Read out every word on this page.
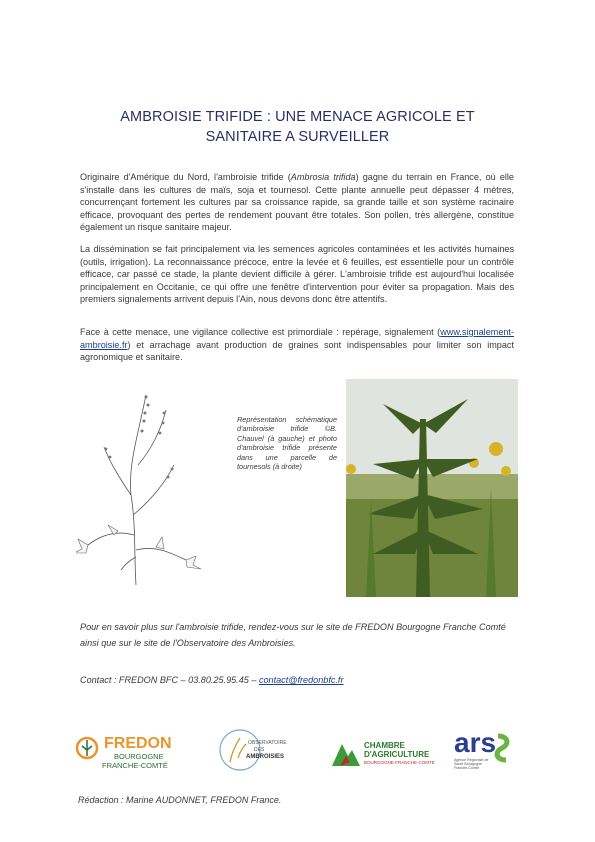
AMBROISIE TRIFIDE : UNE MENACE AGRICOLE ET
SANITAIRE A SURVEILLER
Originaire d'Amérique du Nord, l'ambroisie trifide (Ambrosia trifida) gagne du terrain en France, où elle s'installe dans les cultures de maïs, soja et tournesol. Cette plante annuelle peut dépasser 4 mètres, concurrençant fortement les cultures par sa croissance rapide, sa grande taille et son système racinaire efficace, provoquant des pertes de rendement pouvant être totales. Son pollen, très allergène, constitue également un risque sanitaire majeur.
La dissémination se fait principalement via les semences agricoles contaminées et les activités humaines (outils, irrigation). La reconnaissance précoce, entre la levée et 6 feuilles, est essentielle pour un contrôle efficace, car passé ce stade, la plante devient difficile à gérer. L'ambroisie trifide est aujourd'hui localisée principalement en Occitanie, ce qui offre une fenêtre d'intervention pour éviter sa propagation. Mais des premiers signalements arrivent depuis l'Ain, nous devons donc être attentifs.
Face à cette menace, une vigilance collective est primordiale : repérage, signalement (www.signalement-ambroisie.fr) et arrachage avant production de graines sont indispensables pour limiter son impact agronomique et sanitaire.
Représentation schématique d'ambroisie trifide ©B. Chauvel (à gauche) et photo d'ambroisie trifide présente dans une parcelle de tournesols (à droite)
Pour en savoir plus sur l'ambroisie trifide, rendez-vous sur le site de FREDON Bourgogne Franche Comté ainsi que sur le site de l'Observatoire des Ambroisies.
Contact : FREDON BFC – 03.80.25.95.45 – contact@fredonbfc.fr
FREDON
BOURGOGNE
FRANCHE-COMTÉ
OBSERVATOIRE
DES
AMBROISIES
CHAMBRE
D'AGRICULTURE
BOURGOGNE-FRANCHE-COMTÉ
ars
Agence Régionale de Santé Bourgogne Franche-Comté
Rédaction : Marine AUDONNET, FREDON France.
